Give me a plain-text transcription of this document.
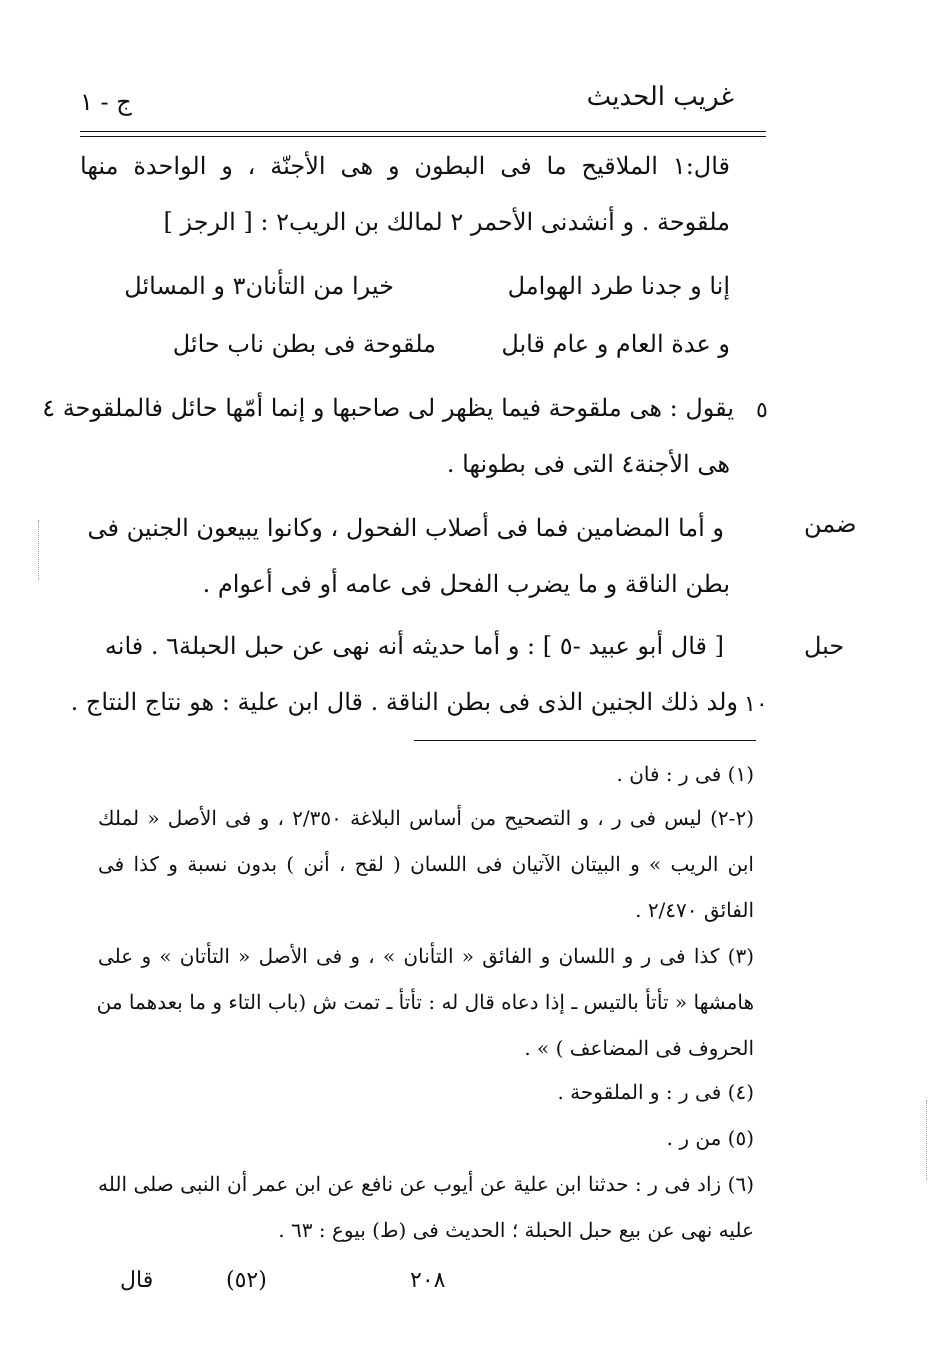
غريب الحديث
ج - ١
قال:١ الملاقيح ما فى البطون و هى الأجنّة ، و الواحدة منها
ملقوحة . و أنشدنى الأحمر ٢ لمالك بن الريب٢ : [ الرجز ]
إنا و جدنا طرد الهوامل
خيرا من التأنان٣ و المسائل
و عدة العام و عام قابل
ملقوحة فى بطن ناب حائل
٥
يقول : هى ملقوحة فيما يظهر لى صاحبها و إنما أمّها حائل فالملقوحة ٤
هى الأجنة٤ التى فى بطونها .
ضمن
و أما المضامين فما فى أصلاب الفحول ، وكانوا يبيعون الجنين فى
بطن الناقة و ما يضرب الفحل فى عامه أو فى أعوام .
حبل
[ قال أبو عبيد -٥ ] : و أما حديثه أنه نهى عن حبل الحبلة٦ . فانه
١٠
ولد ذلك الجنين الذى فى بطن الناقة . قال ابن علية : هو نتاج النتاج .
(١) فى ر : فان .
(٢-٢) ليس فى ر ، و التصحيح من أساس البلاغة ٢/٣٥٠ ، و فى الأصل « لملك
ابن الريب » و البيتان الآتيان فى اللسان ( لقح ، أنن ) بدون نسبة و كذا فى
الفائق ٢/٤٧٠ .
(٣) كذا فى ر و اللسان و الفائق « التأنان » ، و فى الأصل « التأتان » و على
هامشها « تأتأ بالتيس ـ إذا دعاه قال له : تأتأ ـ تمت ش (باب التاء و ما بعدهما من
الحروف فى المضاعف ) » .
(٤) فى ر : و الملقوحة .
(٥) من ر .
(٦) زاد فى ر : حدثنا ابن علية عن أيوب عن نافع عن ابن عمر أن النبى صلى الله
عليه نهى عن بيع حبل الحبلة ؛ الحديث فى (ط) بيوع : ٦٣ .
قال	(٥٢)	٢٠٨
